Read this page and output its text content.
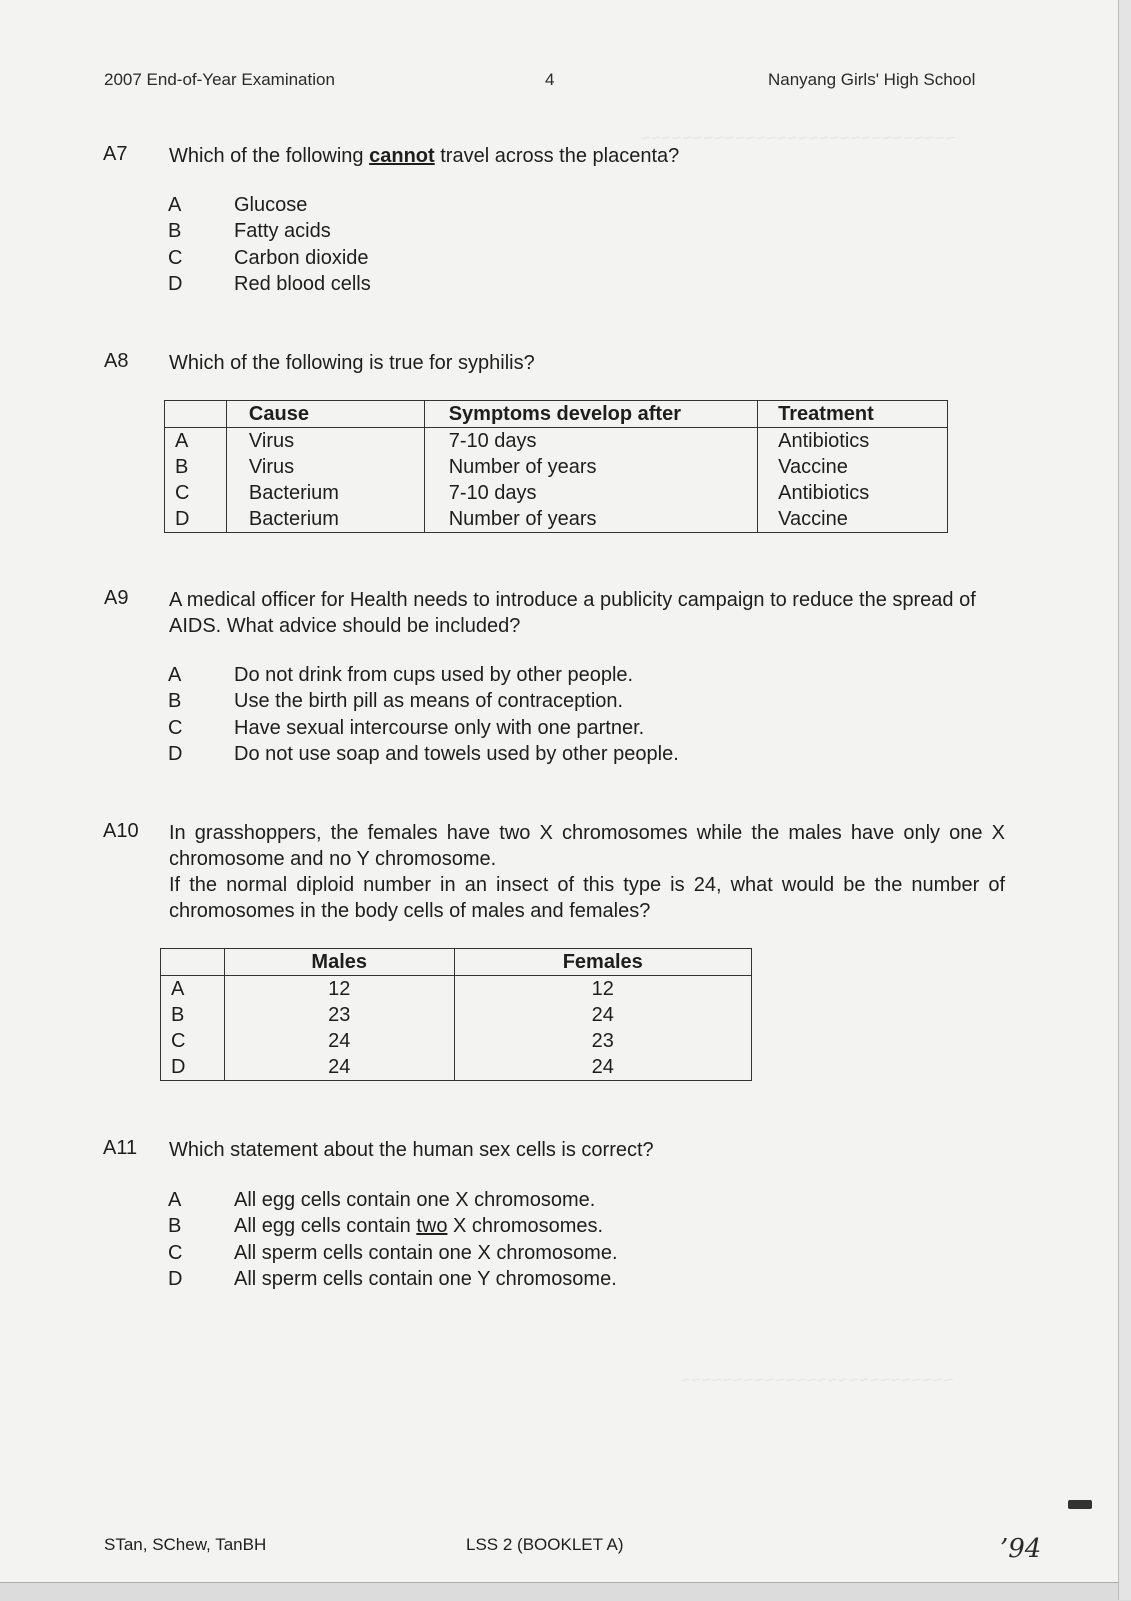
~~~~~~~~~~~~~~~~~~~~~~~~~~~~~~
~~~~~~~~~~~~~~~~~~~~~~~~~~
2007 End-of-Year Examination	4	Nanyang Girls' High School
A7 Which of the following cannot travel across the placenta?
A	Glucose
B	Fatty acids
C	Carbon dioxide
D	Red blood cells
A8 Which of the following is true for syphilis?
	Cause	Symptoms develop after	Treatment
A	Virus	7-10 days	Antibiotics
B	Virus	Number of years	Vaccine
C	Bacterium	7-10 days	Antibiotics
D	Bacterium	Number of years	Vaccine
A9 A medical officer for Health needs to introduce a publicity campaign to reduce the spread of AIDS. What advice should be included?
A	Do not drink from cups used by other people.
B	Use the birth pill as means of contraception.
C	Have sexual intercourse only with one partner.
D	Do not use soap and towels used by other people.
A10 In grasshoppers, the females have two X chromosomes while the males have only one X chromosome and no Y chromosome.
If the normal diploid number in an insect of this type is 24, what would be the number of chromosomes in the body cells of males and females?
	Males	Females
A	12	12
B	23	24
C	24	23
D	24	24
A11 Which statement about the human sex cells is correct?
A	All egg cells contain one X chromosome.
B	All egg cells contain two X chromosomes.
C	All sperm cells contain one X chromosome.
D	All sperm cells contain one Y chromosome.
STan, SChew, TanBH	LSS 2 (BOOKLET A)	’94
